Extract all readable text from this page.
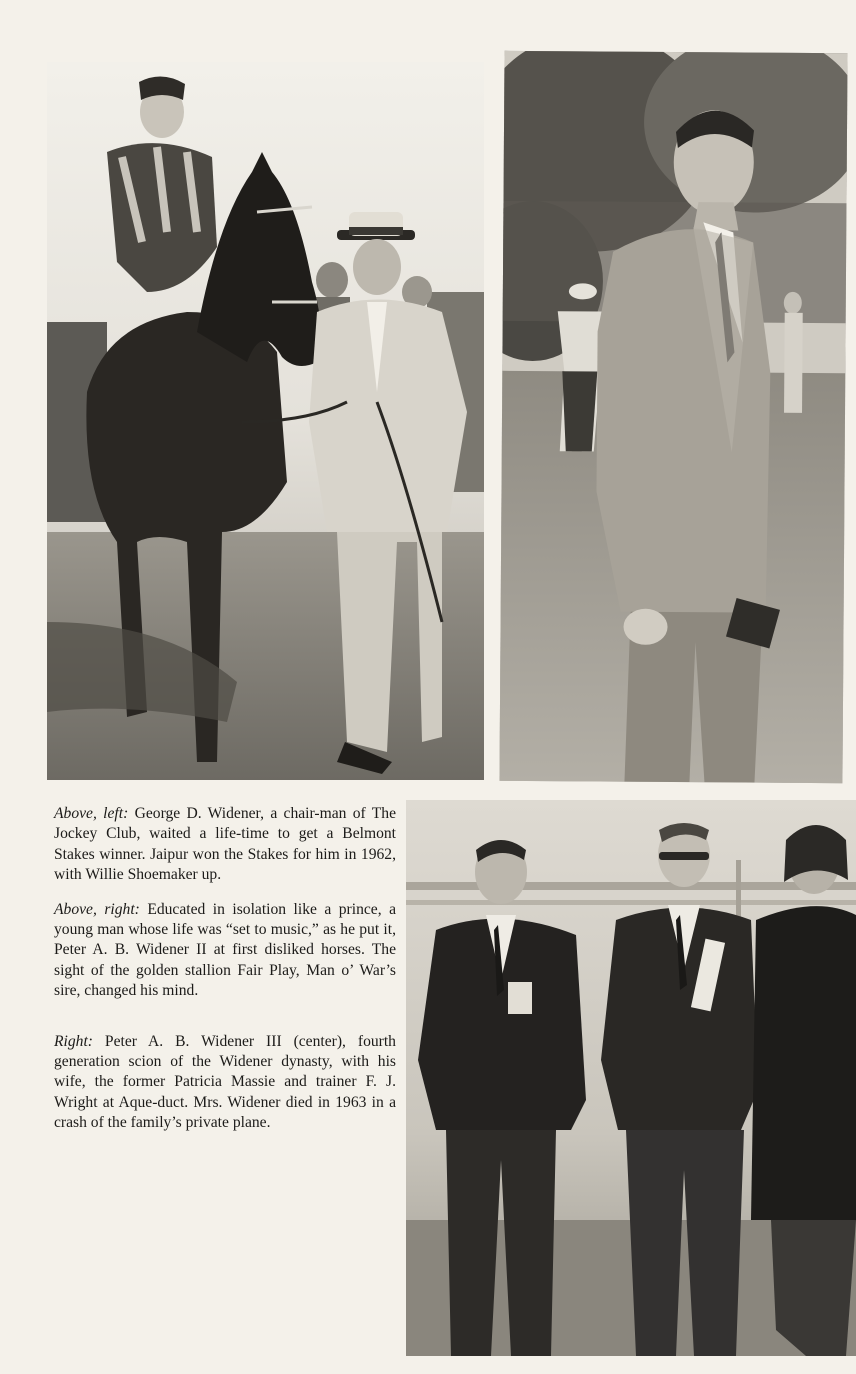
Above, left: George D. Widener, a chair-man of The Jockey Club, waited a life-time to get a Belmont Stakes winner. Jaipur won the Stakes for him in 1962, with Willie Shoemaker up.

Above, right: Educated in isolation like a prince, a young man whose life was “set to music,” as he put it, Peter A. B. Widener II at first disliked horses. The sight of the golden stallion Fair Play, Man o’ War’s sire, changed his mind.

Right: Peter A. B. Widener III (center), fourth generation scion of the Widener dynasty, with his wife, the former Patricia Massie and trainer F. J. Wright at Aque-duct. Mrs. Widener died in 1963 in a crash of the family’s private plane.
